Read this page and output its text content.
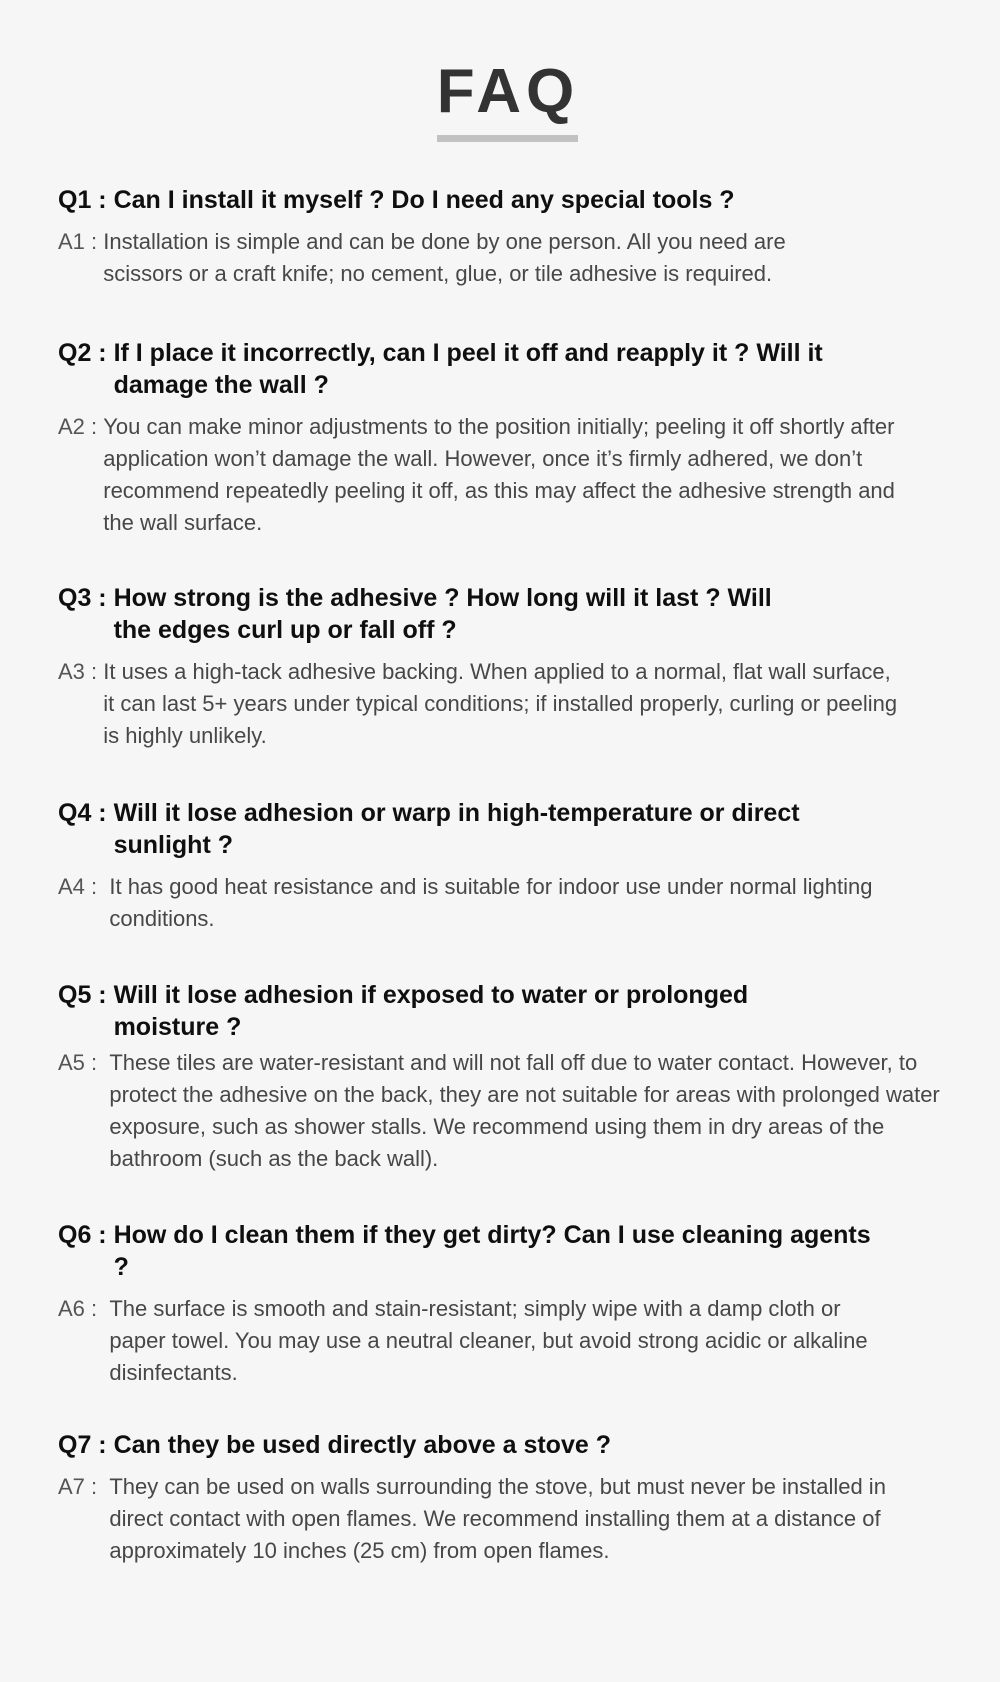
FAQ
Q1 : Can I install it myself ? Do I need any special tools ?
A1 : Installation is simple and can be done by one person. All you need are scissors or a craft knife; no cement, glue, or tile adhesive is required.
Q2 : If I place it incorrectly, can I peel it off and reapply it ? Will it damage the wall ?
A2 : You can make minor adjustments to the position initially; peeling it off shortly after application won’t damage the wall. However, once it’s firmly adhered, we don’t recommend repeatedly peeling it off, as this may affect the adhesive strength and the wall surface.
Q3 : How strong is the adhesive ? How long will it last ? Will the edges curl up or fall off ?
A3 : It uses a high-tack adhesive backing. When applied to a normal, flat wall surface, it can last 5+ years under typical conditions; if installed properly, curling or peeling is highly unlikely.
Q4 : Will it lose adhesion or warp in high-temperature or direct sunlight ?
A4 : It has good heat resistance and is suitable for indoor use under normal lighting conditions.
Q5 : Will it lose adhesion if exposed to water or prolonged moisture ?
A5 : These tiles are water-resistant and will not fall off due to water contact. However, to protect the adhesive on the back, they are not suitable for areas with prolonged water exposure, such as shower stalls. We recommend using them in dry areas of the bathroom (such as the back wall).
Q6 : How do I clean them if they get dirty? Can I use cleaning agents ?
A6 : The surface is smooth and stain-resistant; simply wipe with a damp cloth or paper towel. You may use a neutral cleaner, but avoid strong acidic or alkaline disinfectants.
Q7 : Can they be used directly above a stove ?
A7 : They can be used on walls surrounding the stove, but must never be installed in direct contact with open flames. We recommend installing them at a distance of approximately 10 inches (25 cm) from open flames.
